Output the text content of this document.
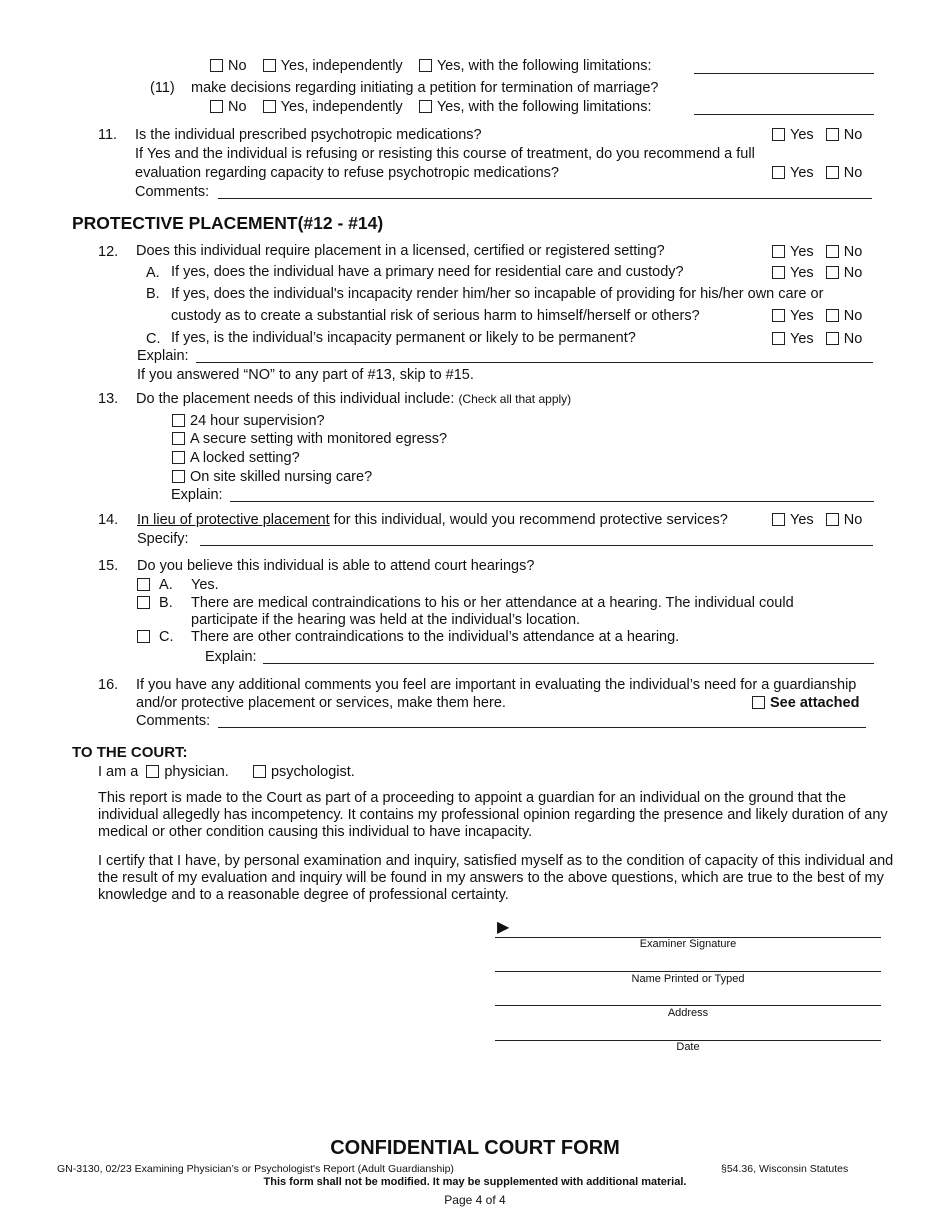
No Yes, independently Yes, with the following limitations:
(11) make decisions regarding initiating a petition for termination of marriage?
No Yes, independently Yes, with the following limitations:
11. Is the individual prescribed psychotropic medications?	Yes No
If Yes and the individual is refusing or resisting this course of treatment, do you recommend a full
evaluation regarding capacity to refuse psychotropic medications?	Yes No
Comments:
PROTECTIVE PLACEMENT(#12 - #14)
12. Does this individual require placement in a licensed, certified or registered setting?	Yes No
A. If yes, does the individual have a primary need for residential care and custody?	Yes No
B. If yes, does the individual's incapacity render him/her so incapable of providing for his/her own care or
custody as to create a substantial risk of serious harm to himself/herself or others?	Yes No
C. If yes, is the individual’s incapacity permanent or likely to be permanent?	Yes No
Explain:
If you answered “NO” to any part of #13, skip to #15.
13. Do the placement needs of this individual include: (Check all that apply)
24 hour supervision?
A secure setting with monitored egress?
A locked setting?
On site skilled nursing care?
Explain:
14. In lieu of protective placement for this individual, would you recommend protective services?	Yes No
Specify:
15. Do you believe this individual is able to attend court hearings?
A. Yes.
B. There are medical contraindications to his or her attendance at a hearing. The individual could
participate if the hearing was held at the individual’s location.
C. There are other contraindications to the individual’s attendance at a hearing.
Explain:
16. If you have any additional comments you feel are important in evaluating the individual’s need for a guardianship
and/or protective placement or services, make them here.	See attached
Comments:
TO THE COURT:
I am a physician.	psychologist.
This report is made to the Court as part of a proceeding to appoint a guardian for an individual on the ground that the individual allegedly has incompetency. It contains my professional opinion regarding the presence and likely duration of any medical or other condition causing this individual to have incapacity.
I certify that I have, by personal examination and inquiry, satisfied myself as to the condition of capacity of this individual and the result of my evaluation and inquiry will be found in my answers to the above questions, which are true to the best of my knowledge and to a reasonable degree of professional certainty.
▶
Examiner Signature
Name Printed or Typed
Address
Date
CONFIDENTIAL COURT FORM
GN-3130, 02/23 Examining Physician’s or Psychologist's Report (Adult Guardianship)	§54.36, Wisconsin Statutes
This form shall not be modified. It may be supplemented with additional material.
Page 4 of 4
